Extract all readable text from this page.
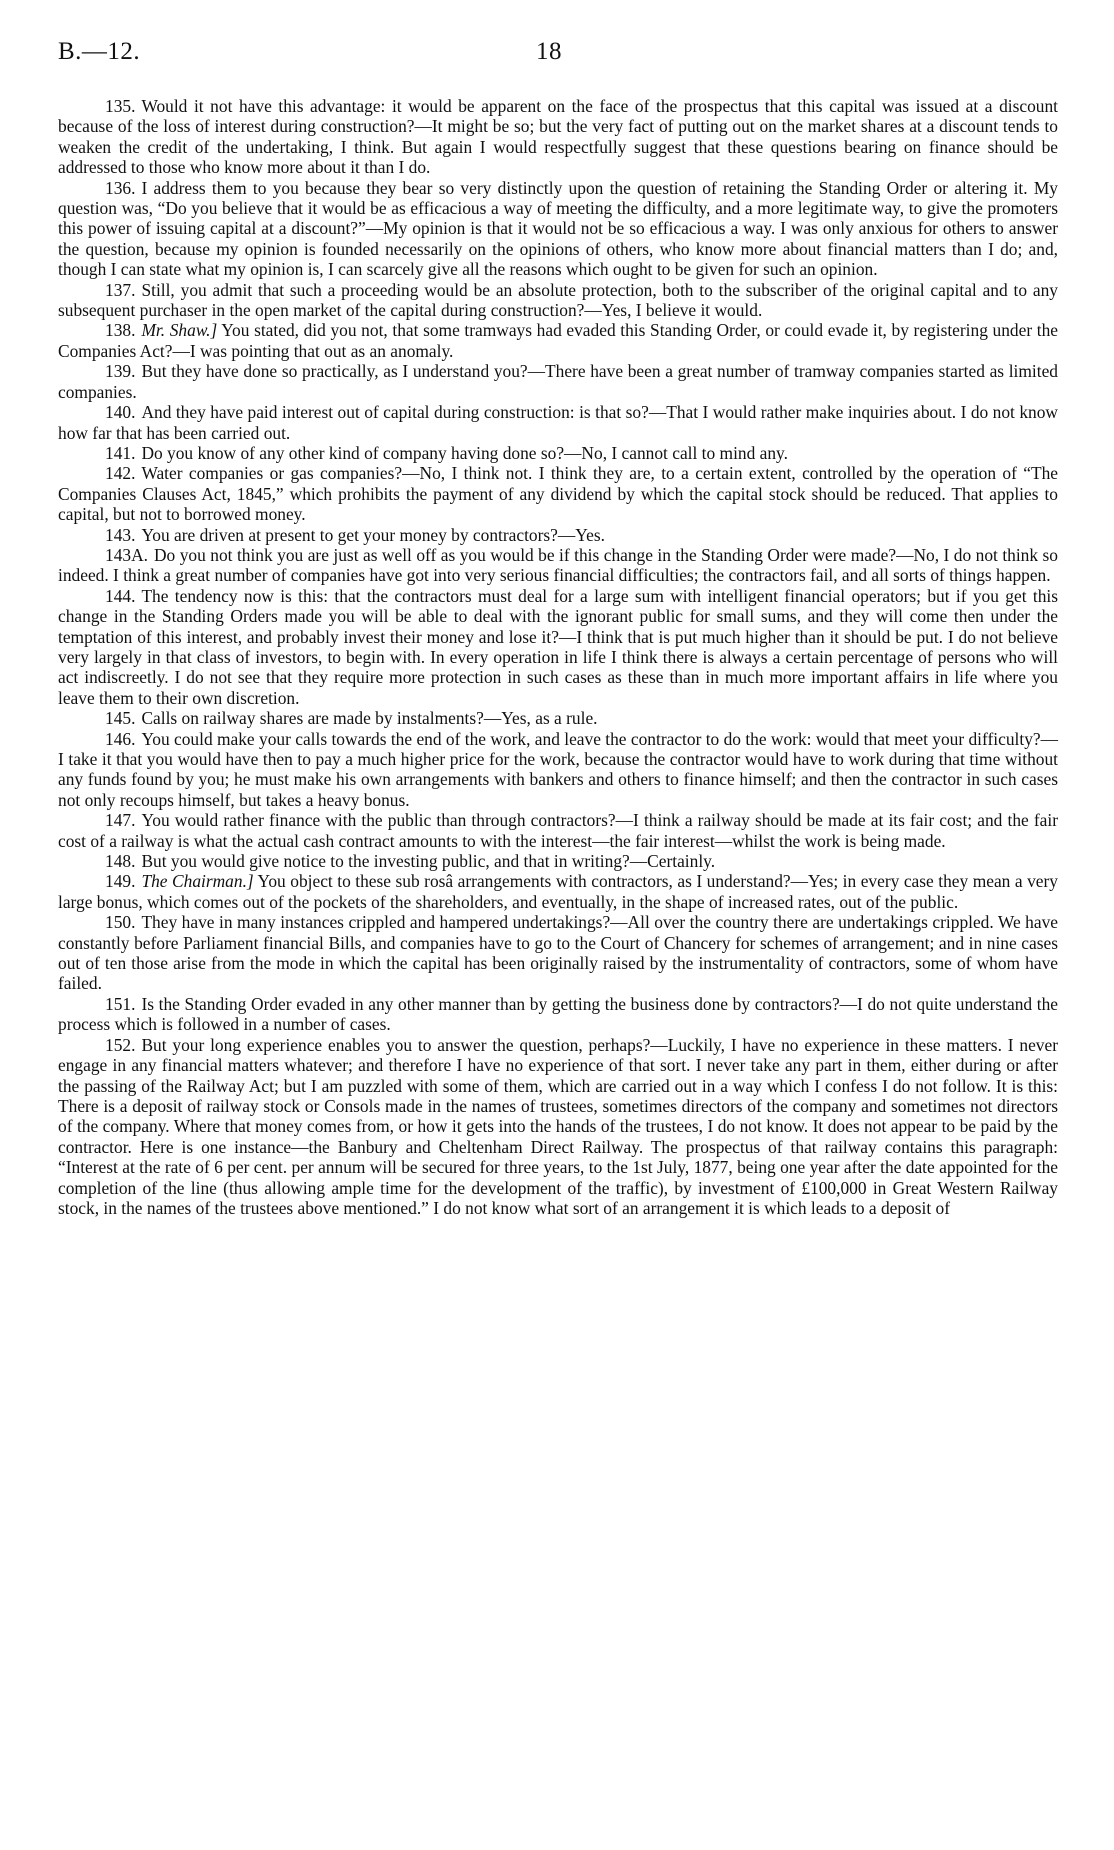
B.—12.	18

135. Would it not have this advantage: it would be apparent on the face of the prospectus that this capital was issued at a discount because of the loss of interest during construction?—It might be so; but the very fact of putting out on the market shares at a discount tends to weaken the credit of the undertaking, I think. But again I would respectfully suggest that these questions bearing on finance should be addressed to those who know more about it than I do.

136. I address them to you because they bear so very distinctly upon the question of retaining the Standing Order or altering it. My question was, “Do you believe that it would be as efficacious a way of meeting the difficulty, and a more legitimate way, to give the promoters this power of issuing capital at a discount?”—My opinion is that it would not be so efficacious a way. I was only anxious for others to answer the question, because my opinion is founded necessarily on the opinions of others, who know more about financial matters than I do; and, though I can state what my opinion is, I can scarcely give all the reasons which ought to be given for such an opinion.

137. Still, you admit that such a proceeding would be an absolute protection, both to the subscriber of the original capital and to any subsequent purchaser in the open market of the capital during construction?—Yes, I believe it would.

138. Mr. Shaw.] You stated, did you not, that some tramways had evaded this Standing Order, or could evade it, by registering under the Companies Act?—I was pointing that out as an anomaly.

139. But they have done so practically, as I understand you?—There have been a great number of tramway companies started as limited companies.

140. And they have paid interest out of capital during construction: is that so?—That I would rather make inquiries about. I do not know how far that has been carried out.

141. Do you know of any other kind of company having done so?—No, I cannot call to mind any.

142. Water companies or gas companies?—No, I think not. I think they are, to a certain extent, controlled by the operation of “The Companies Clauses Act, 1845,” which prohibits the payment of any dividend by which the capital stock should be reduced. That applies to capital, but not to borrowed money.

143. You are driven at present to get your money by contractors?—Yes.

143A. Do you not think you are just as well off as you would be if this change in the Standing Order were made?—No, I do not think so indeed. I think a great number of companies have got into very serious financial difficulties; the contractors fail, and all sorts of things happen.

144. The tendency now is this: that the contractors must deal for a large sum with intelligent financial operators; but if you get this change in the Standing Orders made you will be able to deal with the ignorant public for small sums, and they will come then under the temptation of this interest, and probably invest their money and lose it?—I think that is put much higher than it should be put. I do not believe very largely in that class of investors, to begin with. In every operation in life I think there is always a certain percentage of persons who will act indiscreetly. I do not see that they require more protection in such cases as these than in much more important affairs in life where you leave them to their own discretion.

145. Calls on railway shares are made by instalments?—Yes, as a rule.

146. You could make your calls towards the end of the work, and leave the contractor to do the work: would that meet your difficulty?—I take it that you would have then to pay a much higher price for the work, because the contractor would have to work during that time without any funds found by you; he must make his own arrangements with bankers and others to finance himself; and then the contractor in such cases not only recoups himself, but takes a heavy bonus.

147. You would rather finance with the public than through contractors?—I think a railway should be made at its fair cost; and the fair cost of a railway is what the actual cash contract amounts to with the interest—the fair interest—whilst the work is being made.

148. But you would give notice to the investing public, and that in writing?—Certainly.

149. The Chairman.] You object to these sub rosâ arrangements with contractors, as I understand?—Yes; in every case they mean a very large bonus, which comes out of the pockets of the shareholders, and eventually, in the shape of increased rates, out of the public.

150. They have in many instances crippled and hampered undertakings?—All over the country there are undertakings crippled. We have constantly before Parliament financial Bills, and companies have to go to the Court of Chancery for schemes of arrangement; and in nine cases out of ten those arise from the mode in which the capital has been originally raised by the instrumentality of contractors, some of whom have failed.

151. Is the Standing Order evaded in any other manner than by getting the business done by contractors?—I do not quite understand the process which is followed in a number of cases.

152. But your long experience enables you to answer the question, perhaps?—Luckily, I have no experience in these matters. I never engage in any financial matters whatever; and therefore I have no experience of that sort. I never take any part in them, either during or after the passing of the Railway Act; but I am puzzled with some of them, which are carried out in a way which I confess I do not follow. It is this: There is a deposit of railway stock or Consols made in the names of trustees, sometimes directors of the company and sometimes not directors of the company. Where that money comes from, or how it gets into the hands of the trustees, I do not know. It does not appear to be paid by the contractor. Here is one instance—the Banbury and Cheltenham Direct Railway. The prospectus of that railway contains this paragraph: “Interest at the rate of 6 per cent. per annum will be secured for three years, to the 1st July, 1877, being one year after the date appointed for the completion of the line (thus allowing ample time for the development of the traffic), by investment of £100,000 in Great Western Railway stock, in the names of the trustees above mentioned.” I do not know what sort of an arrangement it is which leads to a deposit of
